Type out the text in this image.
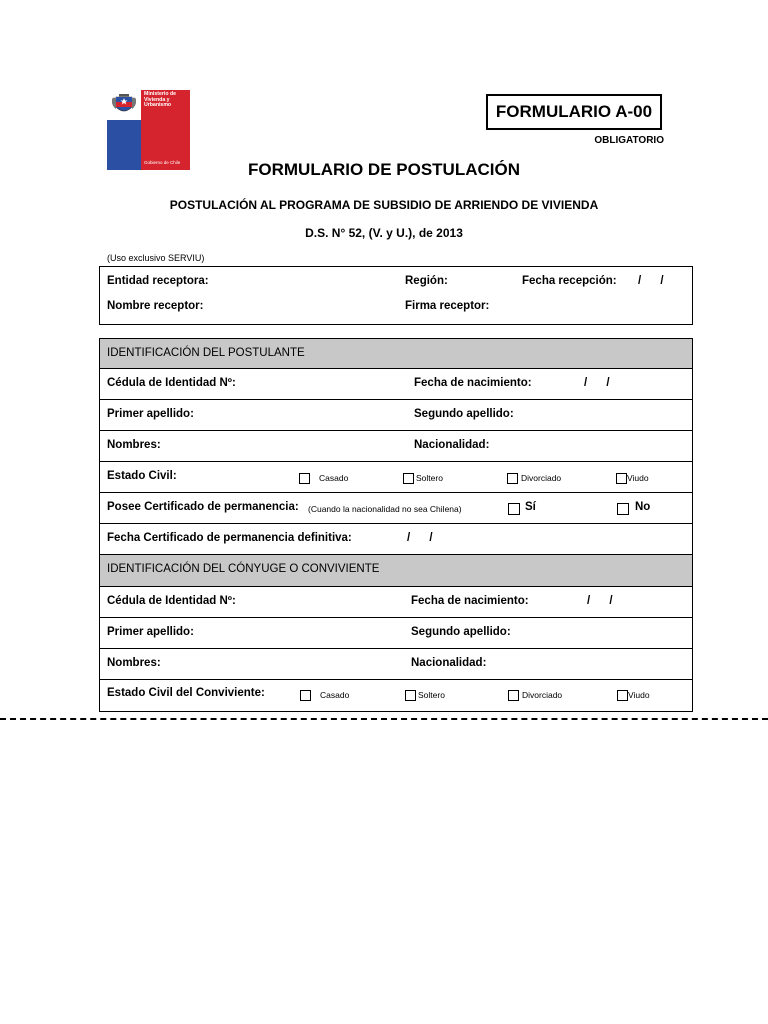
Ministerio de
Vivienda y
Urbanismo
Gobierno de Chile
FORMULARIO A-00
OBLIGATORIO
FORMULARIO DE POSTULACIÓN
POSTULACIÓN AL PROGRAMA DE SUBSIDIO DE ARRIENDO DE VIVIENDA
D.S. N° 52, (V. y U.), de 2013
(Uso exclusivo SERVIU)
Entidad receptora:	Región:	Fecha recepción: /      /
Nombre receptor:	Firma receptor:
IDENTIFICACIÓN DEL POSTULANTE
Cédula de Identidad Nº:	Fecha de nacimiento:	/      /
Primer apellido:	Segundo apellido:
Nombres:	Nacionalidad:
Estado Civil:	Casado	Soltero	Divorciado	Viudo
Posee Certificado de permanencia: (Cuando la nacionalidad no sea Chilena)	Sí	No
Fecha Certificado de permanencia definitiva:	/      /
IDENTIFICACIÓN DEL CÓNYUGE O CONVIVIENTE
Cédula de Identidad Nº:	Fecha de nacimiento:	/      /
Primer apellido:	Segundo apellido:
Nombres:	Nacionalidad:
Estado Civil del Conviviente:	Casado	Soltero	Divorciado	Viudo
